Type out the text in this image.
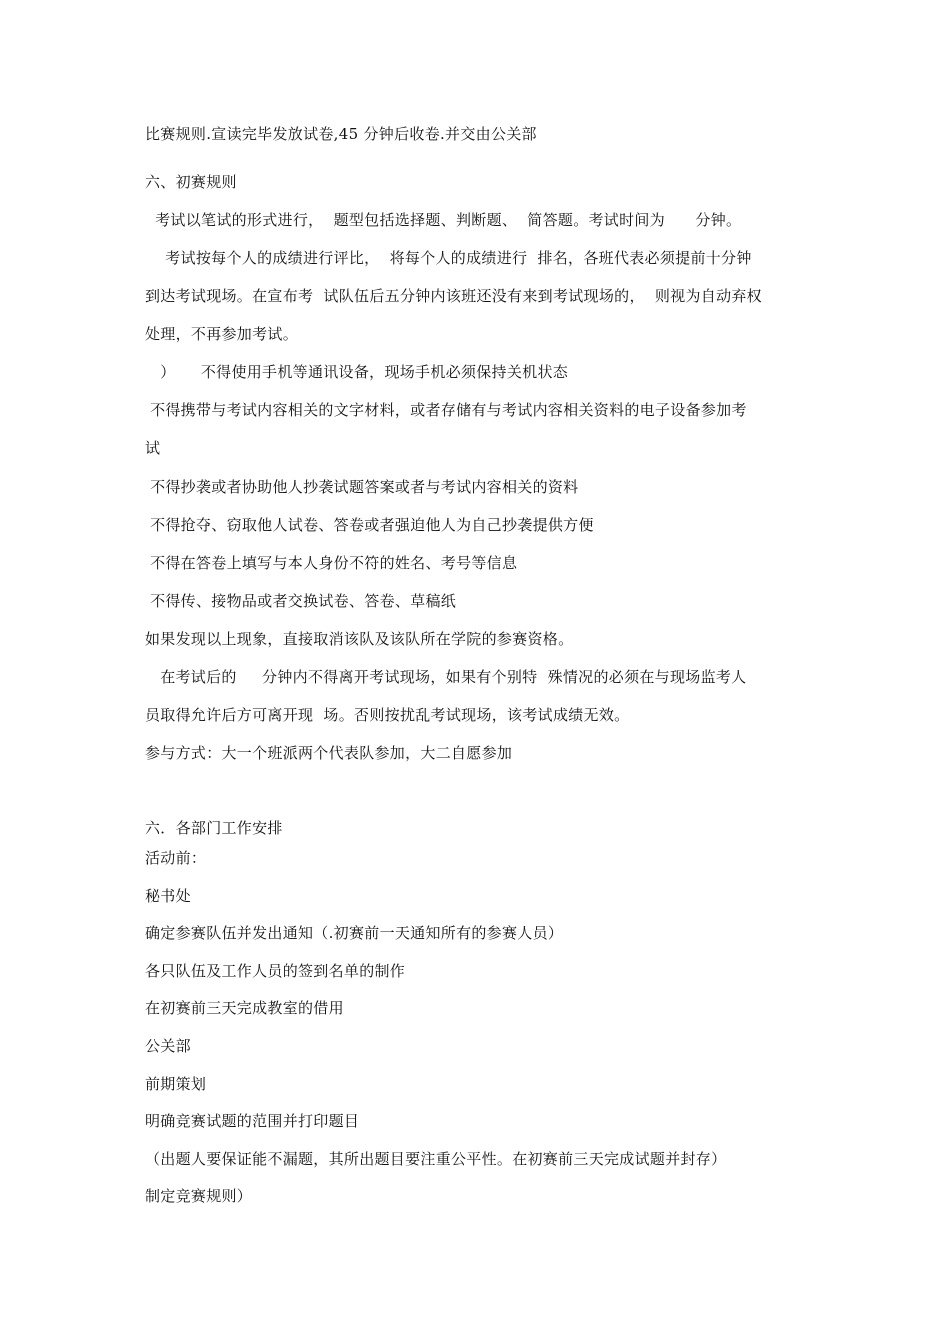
比赛规则.宣读完毕发放试卷,45 分钟后收卷.并交由公关部
六、初赛规则
考试以笔试的形式进行，  题型包括选择题、判断题、  简答题。考试时间为      分钟。
考试按每个人的成绩进行评比，  将每个人的成绩进行  排名，各班代表必须提前十分钟
到达考试现场。在宣布考  试队伍后五分钟内该班还没有来到考试现场的，  则视为自动弃权
处理，不再参加考试。
）     不得使用手机等通讯设备，现场手机必须保持关机状态
不得携带与考试内容相关的文字材料，或者存储有与考试内容相关资料的电子设备参加考
试
不得抄袭或者协助他人抄袭试题答案或者与考试内容相关的资料
不得抢夺、窃取他人试卷、答卷或者强迫他人为自己抄袭提供方便
不得在答卷上填写与本人身份不符的姓名、考号等信息
不得传、接物品或者交换试卷、答卷、草稿纸
如果发现以上现象，直接取消该队及该队所在学院的参赛资格。
在考试后的     分钟内不得离开考试现场，如果有个别特  殊情况的必须在与现场监考人
员取得允许后方可离开现  场。否则按扰乱考试现场，该考试成绩无效。
参与方式：大一个班派两个代表队参加，大二自愿参加
六．各部门工作安排
活动前：
秘书处
确定参赛队伍并发出通知（.初赛前一天通知所有的参赛人员）
各只队伍及工作人员的签到名单的制作
在初赛前三天完成教室的借用
公关部
前期策划
明确竞赛试题的范围并打印题目
（出题人要保证能不漏题，其所出题目要注重公平性。在初赛前三天完成试题并封存）
制定竞赛规则）
